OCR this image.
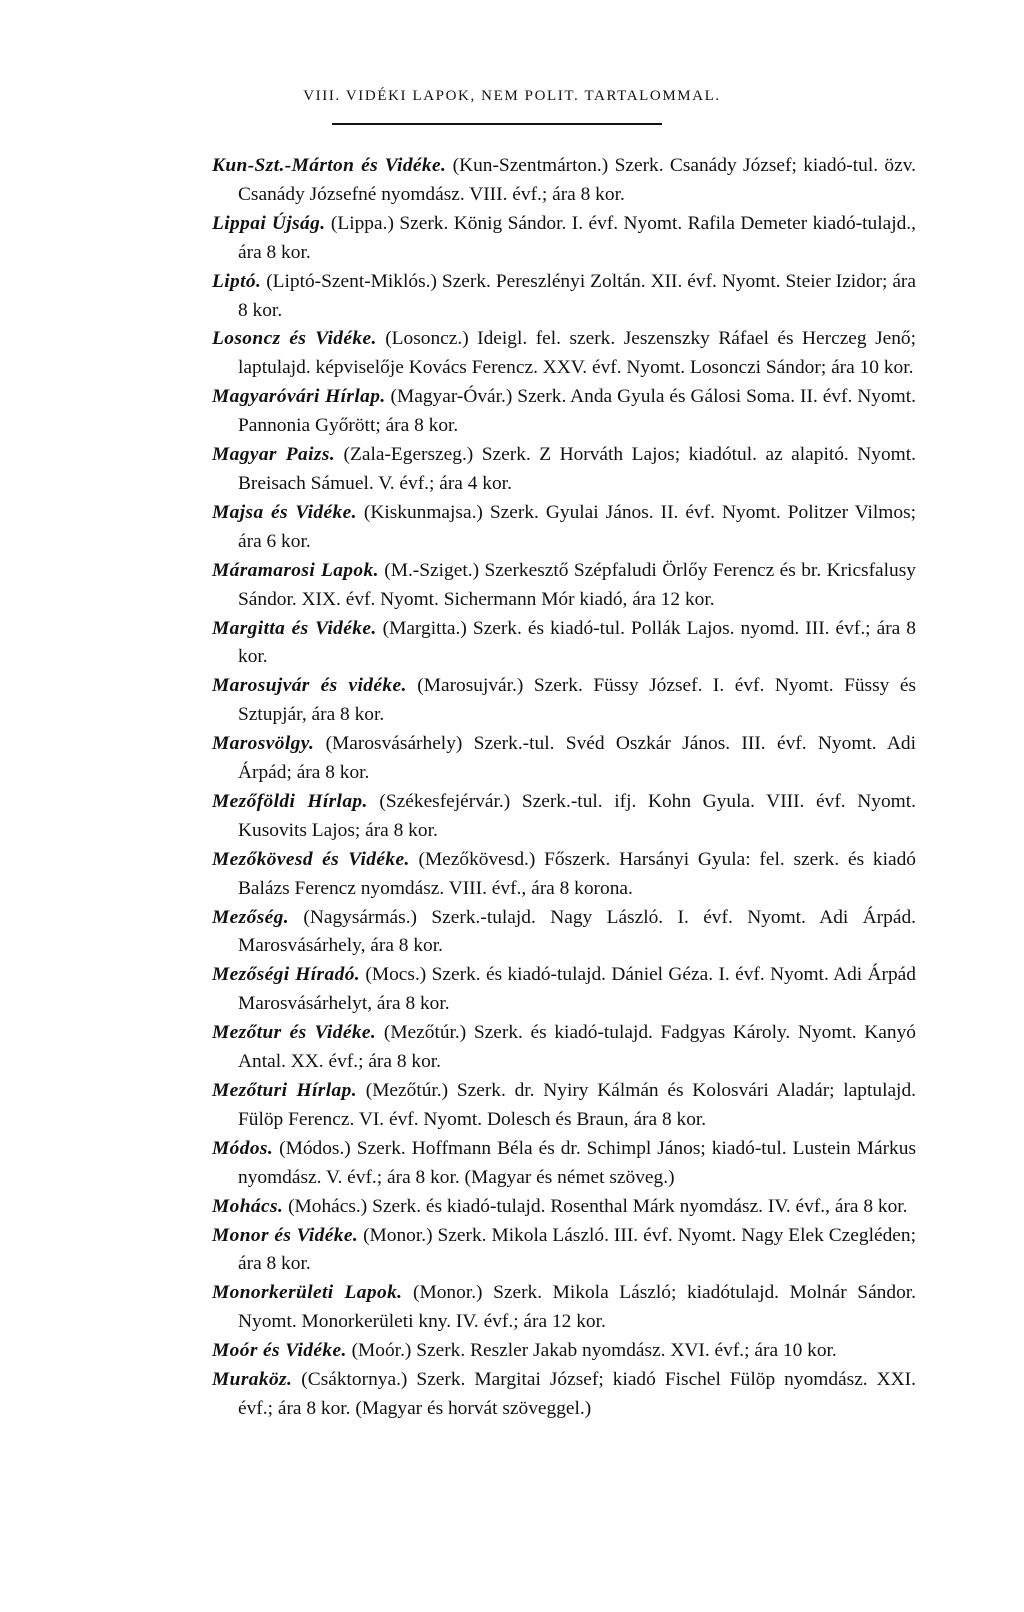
VIII. VIDÉKI LAPOK, NEM POLIT. TARTALOMMAL.
Kun-Szt.-Márton és Vidéke. (Kun-Szentmárton.) Szerk. Csanády József; kiadó-tul. özv. Csanády Józsefné nyomdász. VIII. évf.; ára 8 kor.
Lippai Újság. (Lippa.) Szerk. König Sándor. I. évf. Nyomt. Rafila Demeter kiadó-tulajd., ára 8 kor.
Liptó. (Liptó-Szent-Miklós.) Szerk. Pereszlényi Zoltán. XII. évf. Nyomt. Steier Izidor; ára 8 kor.
Losoncz és Vidéke. (Losoncz.) Ideigl. fel. szerk. Jeszenszky Ráfael és Herczeg Jenő; laptulajd. képviselője Kovács Ferencz. XXV. évf. Nyomt. Losonczi Sándor; ára 10 kor.
Magyaróvári Hírlap. (Magyar-Óvár.) Szerk. Anda Gyula és Gálosi Soma. II. évf. Nyomt. Pannonia Győrött; ára 8 kor.
Magyar Paizs. (Zala-Egerszeg.) Szerk. Z Horváth Lajos; kiadótul. az alapitó. Nyomt. Breisach Sámuel. V. évf.; ára 4 kor.
Majsa és Vidéke. (Kiskunmajsa.) Szerk. Gyulai János. II. évf. Nyomt. Politzer Vilmos; ára 6 kor.
Máramarosi Lapok. (M.-Sziget.) Szerkesztő Szépfaludi Örlőy Ferencz és br. Kricsfalusy Sándor. XIX. évf. Nyomt. Sichermann Mór kiadó, ára 12 kor.
Margitta és Vidéke. (Margitta.) Szerk. és kiadó-tul. Pollák Lajos. nyomd. III. évf.; ára 8 kor.
Marosujvár és vidéke. (Marosujvár.) Szerk. Füssy József. I. évf. Nyomt. Füssy és Sztupjár, ára 8 kor.
Marosvölgy. (Marosvásárhely) Szerk.-tul. Svéd Oszkár János. III. évf. Nyomt. Adi Árpád; ára 8 kor.
Mezőföldi Hírlap. (Székesfejérvár.) Szerk.-tul. ifj. Kohn Gyula. VIII. évf. Nyomt. Kusovits Lajos; ára 8 kor.
Mezőkövesd és Vidéke. (Mezőkövesd.) Főszerk. Harsányi Gyula: fel. szerk. és kiadó Balázs Ferencz nyomdász. VIII. évf., ára 8 korona.
Mezőség. (Nagysármás.) Szerk.-tulajd. Nagy László. I. évf. Nyomt. Adi Árpád. Marosvásárhely, ára 8 kor.
Mezőségi Híradó. (Mocs.) Szerk. és kiadó-tulajd. Dániel Géza. I. évf. Nyomt. Adi Árpád Marosvásárhelyt, ára 8 kor.
Mezőtur és Vidéke. (Mezőtúr.) Szerk. és kiadó-tulajd. Fadgyas Károly. Nyomt. Kanyó Antal. XX. évf.; ára 8 kor.
Mezőturi Hírlap. (Mezőtúr.) Szerk. dr. Nyiry Kálmán és Kolosvári Aladár; laptulajd. Fülöp Ferencz. VI. évf. Nyomt. Dolesch és Braun, ára 8 kor.
Módos. (Módos.) Szerk. Hoffmann Béla és dr. Schimpl János; kiadó-tul. Lustein Márkus nyomdász. V. évf.; ára 8 kor. (Magyar és német szöveg.)
Mohács. (Mohács.) Szerk. és kiadó-tulajd. Rosenthal Márk nyomdász. IV. évf., ára 8 kor.
Monor és Vidéke. (Monor.) Szerk. Mikola László. III. évf. Nyomt. Nagy Elek Czegléden; ára 8 kor.
Monorkerületi Lapok. (Monor.) Szerk. Mikola László; kiadótulajd. Molnár Sándor. Nyomt. Monorkerületi kny. IV. évf.; ára 12 kor.
Moór és Vidéke. (Moór.) Szerk. Reszler Jakab nyomdász. XVI. évf.; ára 10 kor.
Muraköz. (Csáktornya.) Szerk. Margitai József; kiadó Fischel Fülöp nyomdász. XXI. évf.; ára 8 kor. (Magyar és horvát szöveggel.)
